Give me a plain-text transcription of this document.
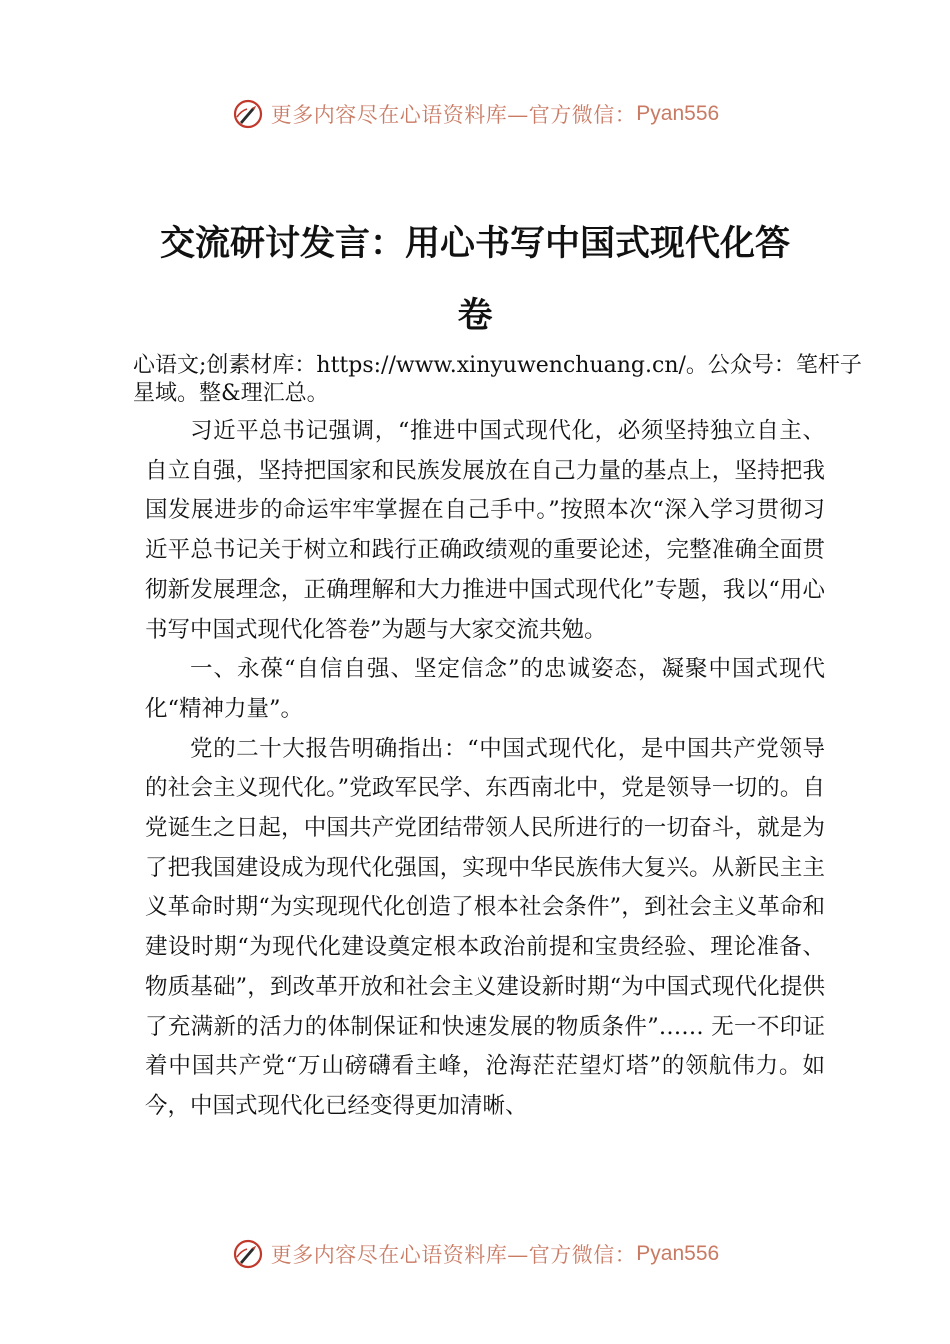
更多内容尽在心语资料库—官方微信： Pyan556
交流研讨发言：用心书写中国式现代化答
卷
心语文;创素材库：https://www.xinyuwenchuang.cn/。公众号：笔杆子星域。整&理汇总。

习近平总书记强调，“推进中国式现代化，必须坚持独立自主、自立自强，坚持把国家和民族发展放在自己力量的基点上，坚持把我国发展进步的命运牢牢掌握在自己手中。”按照本次“深入学习贯彻习近平总书记关于树立和践行正确政绩观的重要论述，完整准确全面贯彻新发展理念，正确理解和大力推进中国式现代化”专题，我以“用心书写中国式现代化答卷”为题与大家交流共勉。

一、永葆“自信自强、坚定信念”的忠诚姿态，凝聚中国式现代化“精神力量”。

党的二十大报告明确指出：“中国式现代化，是中国共产党领导的社会主义现代化。”党政军民学、东西南北中，党是领导一切的。自党诞生之日起，中国共产党团结带领人民所进行的一切奋斗，就是为了把我国建设成为现代化强国，实现中华民族伟大复兴。从新民主主义革命时期“为实现现代化创造了根本社会条件”，到社会主义革命和建设时期“为现代化建设奠定根本政治前提和宝贵经验、理论准备、物质基础”，到改革开放和社会主义建设新时期“为中国式现代化提供了充满新的活力的体制保证和快速发展的物质条件”…… 无一不印证着中国共产党“万山磅礴看主峰，沧海茫茫望灯塔”的领航伟力。如今，中国式现代化已经变得更加清晰、

更多内容尽在心语资料库—官方微信： Pyan556
